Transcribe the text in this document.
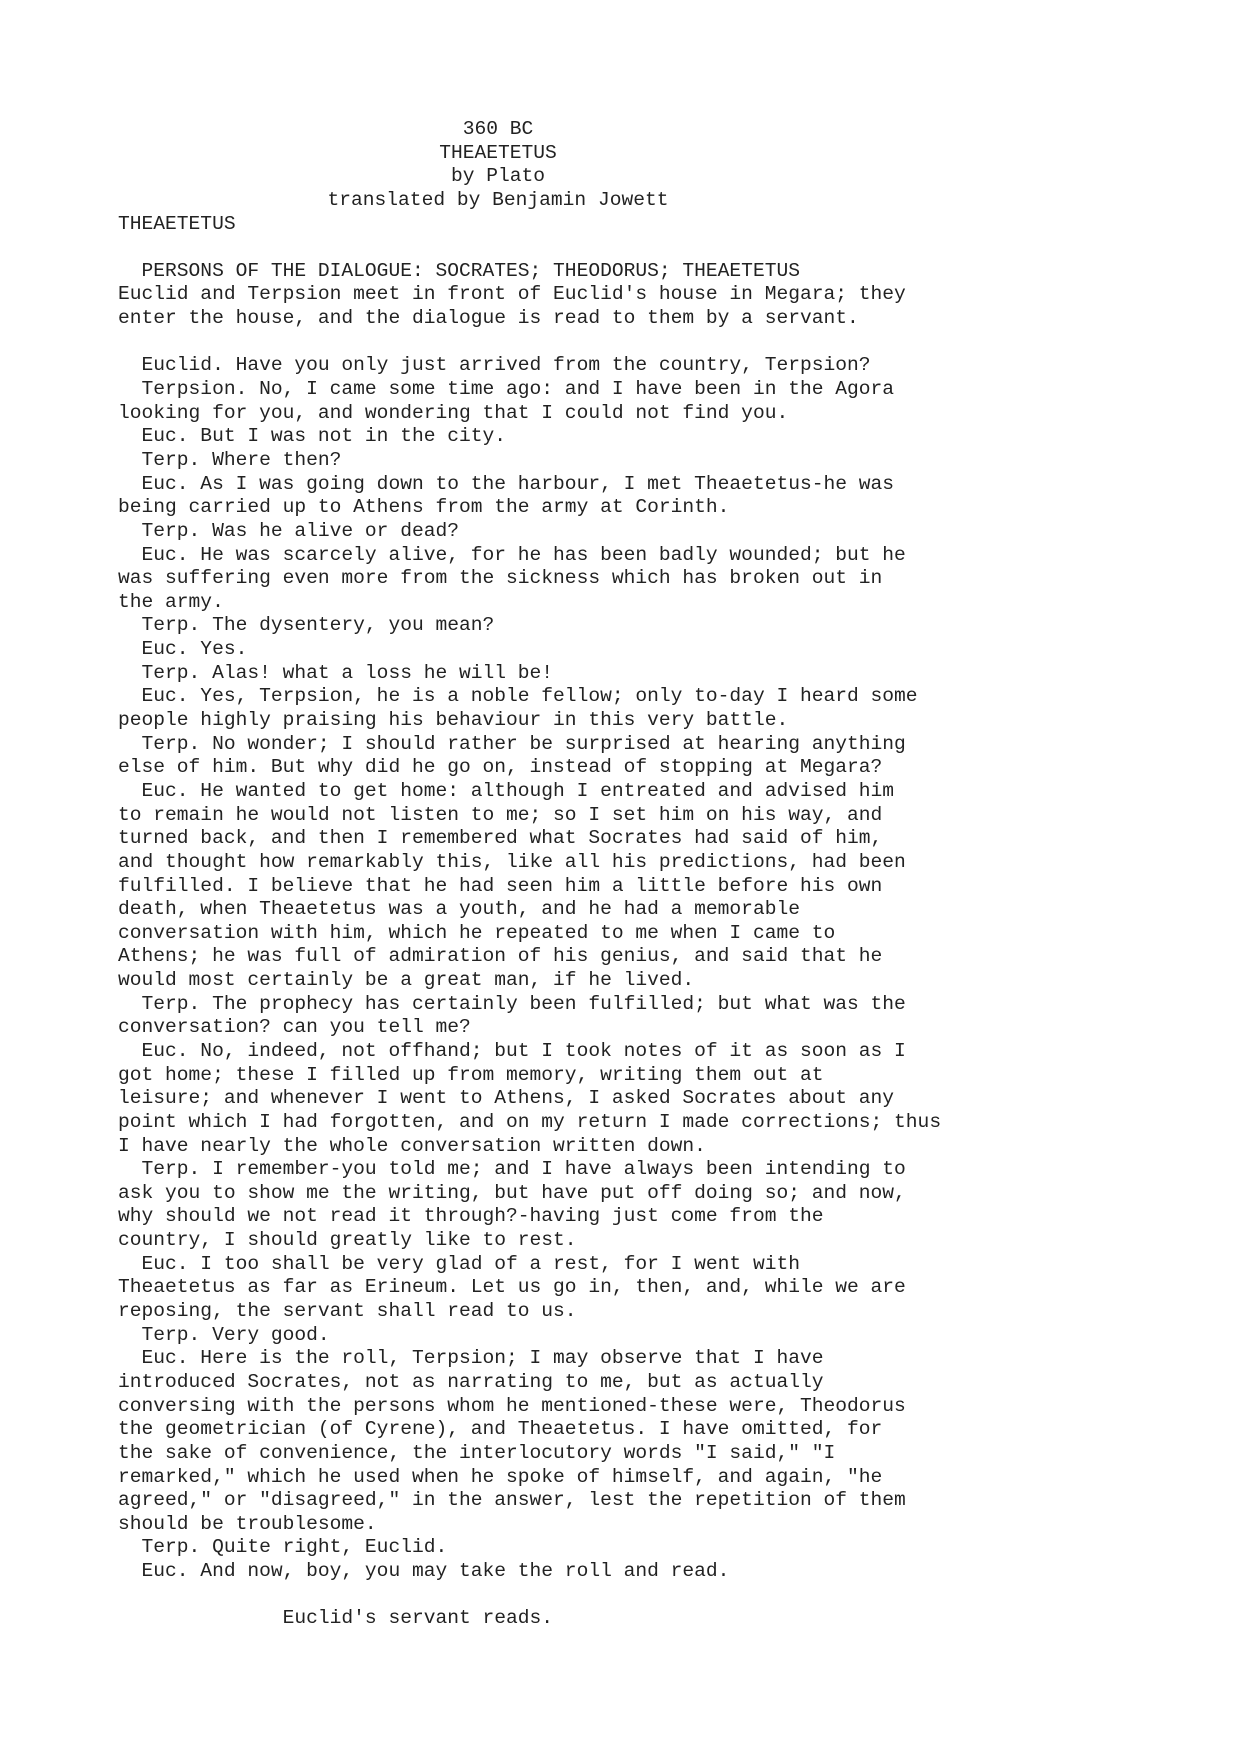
360 BC
THEAETETUS
by Plato
translated by Benjamin Jowett
THEAETETUS
PERSONS OF THE DIALOGUE: SOCRATES; THEODORUS; THEAETETUS
Euclid and Terpsion meet in front of Euclid's house in Megara; they
enter the house, and the dialogue is read to them by a servant.
Euclid. Have you only just arrived from the country, Terpsion?
Terpsion. No, I came some time ago: and I have been in the Agora
looking for you, and wondering that I could not find you.
Euc. But I was not in the city.
Terp. Where then?
Euc. As I was going down to the harbour, I met Theaetetus-he was
being carried up to Athens from the army at Corinth.
Terp. Was he alive or dead?
Euc. He was scarcely alive, for he has been badly wounded; but he
was suffering even more from the sickness which has broken out in
the army.
Terp. The dysentery, you mean?
Euc. Yes.
Terp. Alas! what a loss he will be!
Euc. Yes, Terpsion, he is a noble fellow; only to-day I heard some
people highly praising his behaviour in this very battle.
Terp. No wonder; I should rather be surprised at hearing anything
else of him. But why did he go on, instead of stopping at Megara?
Euc. He wanted to get home: although I entreated and advised him
to remain he would not listen to me; so I set him on his way, and
turned back, and then I remembered what Socrates had said of him,
and thought how remarkably this, like all his predictions, had been
fulfilled. I believe that he had seen him a little before his own
death, when Theaetetus was a youth, and he had a memorable
conversation with him, which he repeated to me when I came to
Athens; he was full of admiration of his genius, and said that he
would most certainly be a great man, if he lived.
Terp. The prophecy has certainly been fulfilled; but what was the
conversation? can you tell me?
Euc. No, indeed, not offhand; but I took notes of it as soon as I
got home; these I filled up from memory, writing them out at
leisure; and whenever I went to Athens, I asked Socrates about any
point which I had forgotten, and on my return I made corrections; thus
I have nearly the whole conversation written down.
Terp. I remember-you told me; and I have always been intending to
ask you to show me the writing, but have put off doing so; and now,
why should we not read it through?-having just come from the
country, I should greatly like to rest.
Euc. I too shall be very glad of a rest, for I went with
Theaetetus as far as Erineum. Let us go in, then, and, while we are
reposing, the servant shall read to us.
Terp. Very good.
Euc. Here is the roll, Terpsion; I may observe that I have
introduced Socrates, not as narrating to me, but as actually
conversing with the persons whom he mentioned-these were, Theodorus
the geometrician (of Cyrene), and Theaetetus. I have omitted, for
the sake of convenience, the interlocutory words "I said," "I
remarked," which he used when he spoke of himself, and again, "he
agreed," or "disagreed," in the answer, lest the repetition of them
should be troublesome.
Terp. Quite right, Euclid.
Euc. And now, boy, you may take the roll and read.
Euclid's servant reads.
